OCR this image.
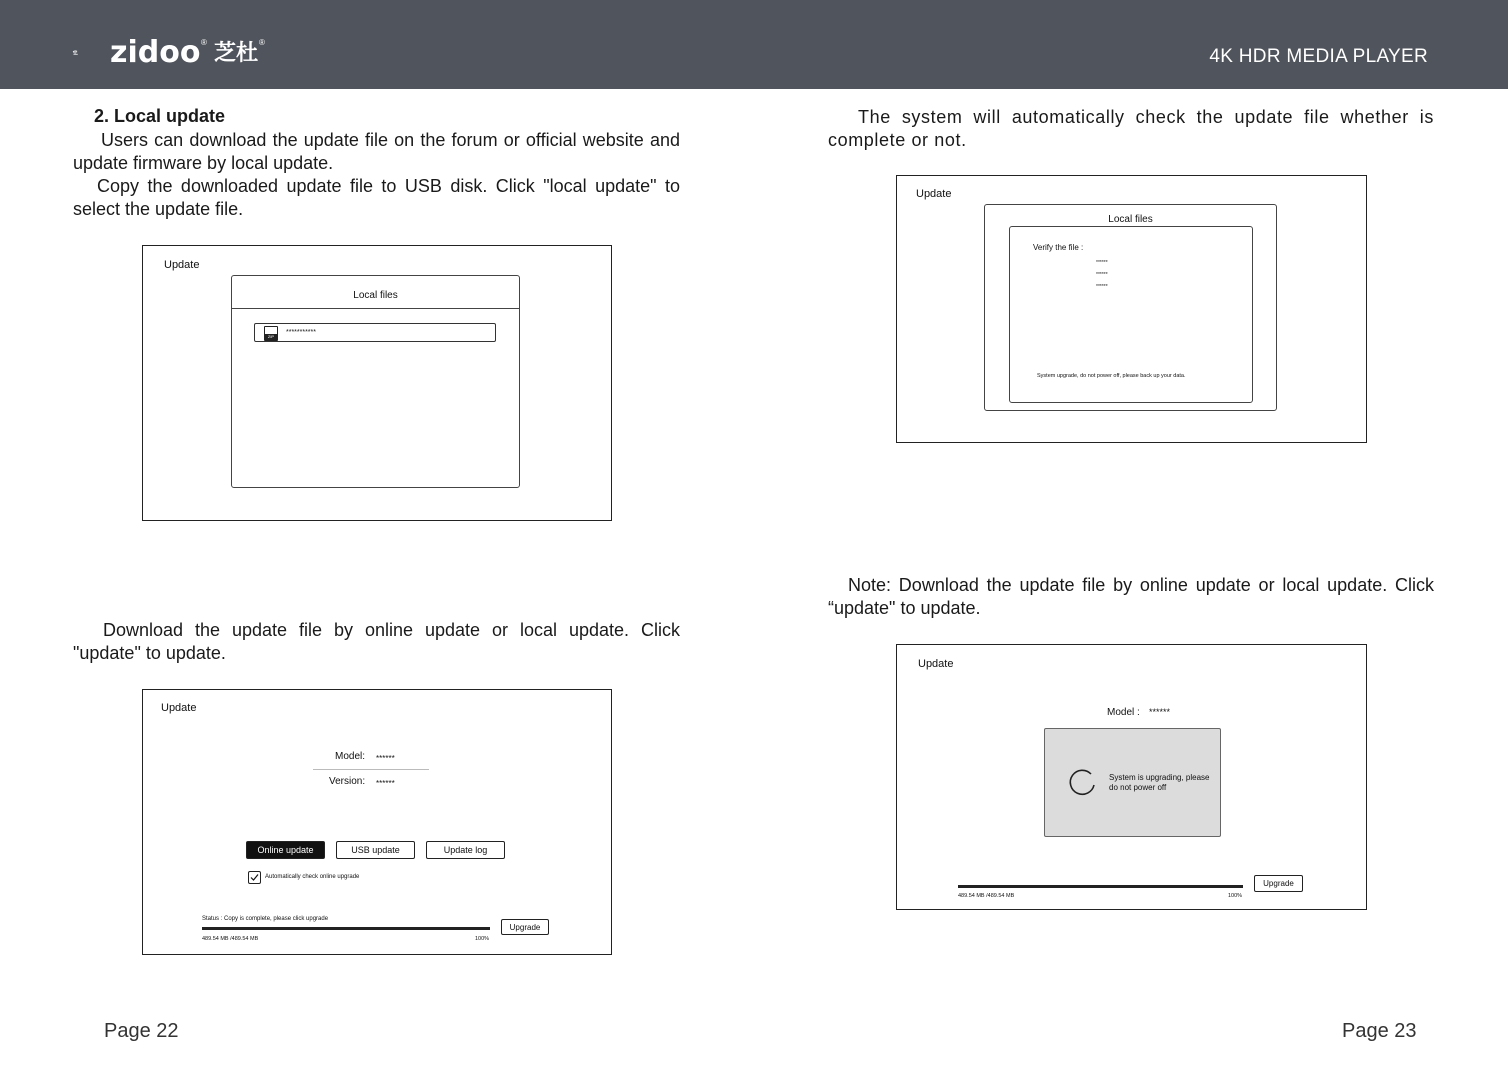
zidoo ® 芝杜 ®
4K HDR MEDIA PLAYER
2. Local update

Users can download the update file on the forum or official website and update firmware by local update.

Copy the downloaded update file to USB disk. Click "local update" to select the update file.

Update
Local files
ZIP
***********

Download the update file by online update or local update. Click "update" to update.

Update
Model: ******
Version: ******
Online update	USB update	Update log
Automatically check online upgrade
Status : Copy is complete, please click upgrade
489.54 MB /489.54 MB	100%
Upgrade
Page 22

The system will automatically check the update file whether is complete or not.

Update
Local files
Verify the file :
******
******
******
System upgrade, do not power off, please back up your data.

Note: Download the update file by online update or local update. Click “update" to update.

Update
Model : ******
System is upgrading, please do not power off
489.54 MB /489.54 MB	100%
Upgrade
Page 23
